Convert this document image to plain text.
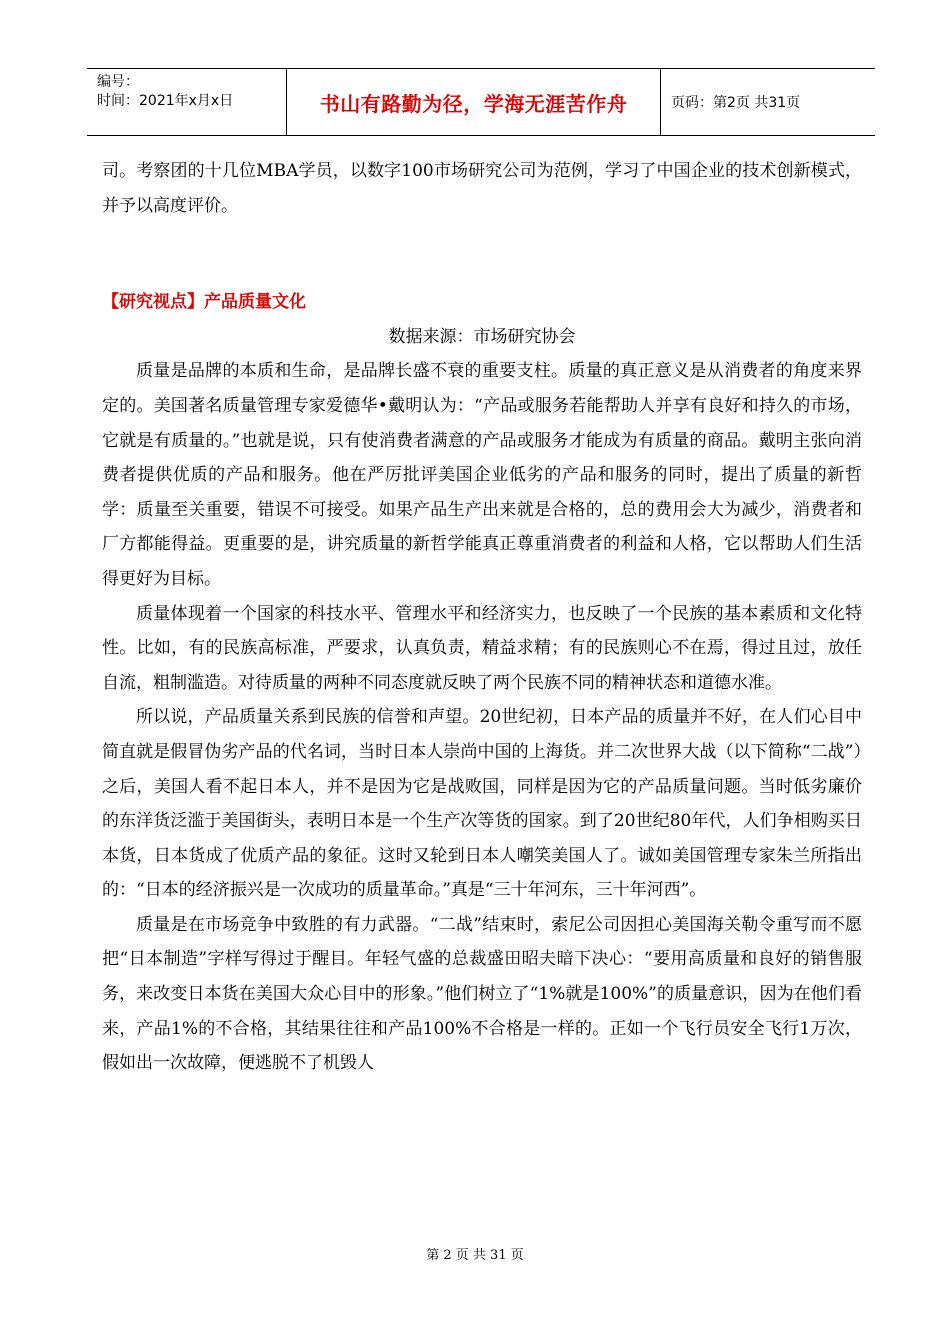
编号：
时间：2021年x月x日	书山有路勤为径，学海无涯苦作舟	页码：第2页 共31页

司。考察团的十几位MBA学员，以数字100市场研究公司为范例，学习了中国企业的技术创新模式，并予以高度评价。

【研究视点】产品质量文化

数据来源：市场研究协会

质量是品牌的本质和生命，是品牌长盛不衰的重要支柱。质量的真正意义是从消费者的角度来界定的。美国著名质量管理专家爱德华•戴明认为：“产品或服务若能帮助人并享有良好和持久的市场，它就是有质量的。”也就是说，只有使消费者满意的产品或服务才能成为有质量的商品。戴明主张向消费者提供优质的产品和服务。他在严厉批评美国企业低劣的产品和服务的同时，提出了质量的新哲学：质量至关重要，错误不可接受。如果产品生产出来就是合格的，总的费用会大为减少，消费者和厂方都能得益。更重要的是，讲究质量的新哲学能真正尊重消费者的利益和人格，它以帮助人们生活得更好为目标。

质量体现着一个国家的科技水平、管理水平和经济实力，也反映了一个民族的基本素质和文化特性。比如，有的民族高标准，严要求，认真负责，精益求精；有的民族则心不在焉，得过且过，放任自流，粗制滥造。对待质量的两种不同态度就反映了两个民族不同的精神状态和道德水准。

所以说，产品质量关系到民族的信誉和声望。20世纪初，日本产品的质量并不好，在人们心目中简直就是假冒伪劣产品的代名词，当时日本人崇尚中国的上海货。并二次世界大战（以下简称“二战”）之后，美国人看不起日本人，并不是因为它是战败国，同样是因为它的产品质量问题。当时低劣廉价的东洋货泛滥于美国街头，表明日本是一个生产次等货的国家。到了20世纪80年代，人们争相购买日本货，日本货成了优质产品的象征。这时又轮到日本人嘲笑美国人了。诚如美国管理专家朱兰所指出的：“日本的经济振兴是一次成功的质量革命。”真是“三十年河东，三十年河西”。

质量是在市场竞争中致胜的有力武器。“二战”结束时，索尼公司因担心美国海关勒令重写而不愿把“日本制造”字样写得过于醒目。年轻气盛的总裁盛田昭夫暗下决心：“要用高质量和良好的销售服务，来改变日本货在美国大众心目中的形象。”他们树立了“1%就是100%”的质量意识，因为在他们看来，产品1%的不合格，其结果往往和产品100%不合格是一样的。正如一个飞行员安全飞行1万次，假如出一次故障，便逃脱不了机毁人

第 2 页 共 31 页
